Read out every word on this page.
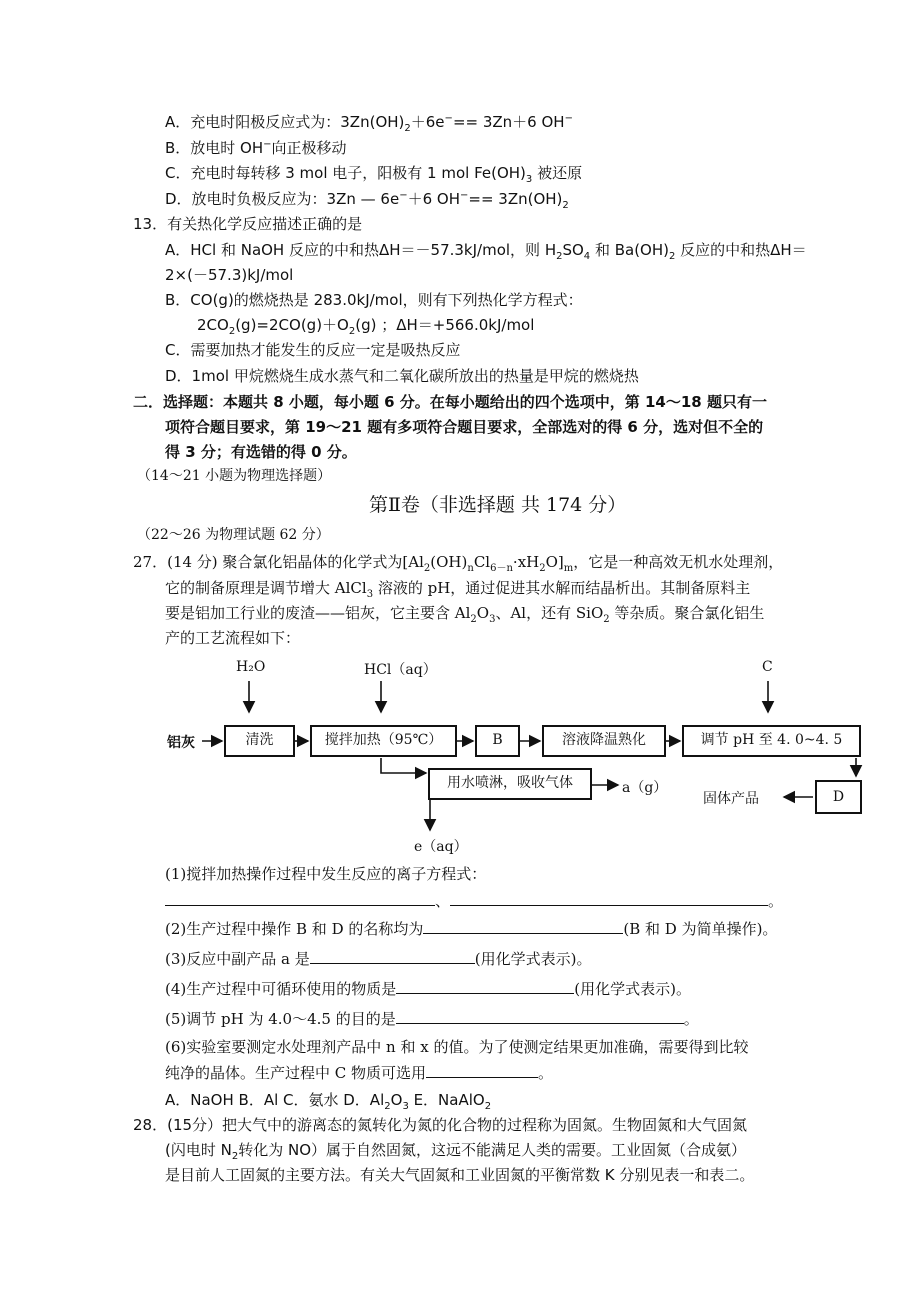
A．充电时阳极反应式为：$3Zn(OH)_2+6e^-== 3Zn+6$ OH−
B．放电时 OH−向正极移动
C．充电时每转移 3 mol 电子，阳极有 1 mol $Fe(OH)_3$ 被还原
D．放电时负极反应为：3Zn — 6e−＋6 $OH^-== 3Zn(OH)_2$
13．有关热化学反应描述正确的是
A．HCl 和 NaOH 反应的中和热ΔH＝－57.3kJ/mol，则 $H_2SO_4$ 和 $Ba(OH)_2$ 反应的中和热ΔH＝
2×(－57.3)kJ/mol
B．CO(g)的燃烧热是 283.0kJ/mol，则有下列热化学方程式：
$2CO_2(g)=2CO(g)+O_2(g)$ ；ΔH＝+566.0kJ/mol
C．需要加热才能发生的反应一定是吸热反应
D．1mol 甲烷燃烧生成水蒸气和二氧化碳所放出的热量是甲烷的燃烧热
二．选择题：本题共 8 小题，每小题 6 分。在每小题给出的四个选项中，第 14～18 题只有一
项符合题目要求，第 19～21 题有多项符合题目要求，全部选对的得 6 分，选对但不全的
得 3 分；有选错的得 0 分。
（14～21 小题为物理选择题）
第Ⅱ卷（非选择题 共 174 分）
（22～26 为物理试题 62 分）
27．(14 分) 聚合氯化铝晶体的化学式为$[Al_2(OH)_nCl_{6-n}\cdot xH_2O]_m$，它是一种高效无机水处理剂，
它的制备原理是调节增大 AlCl$_3$ 溶液的 pH，通过促进其水解而结晶析出。其制备原料主
要是铝加工行业的废渣——铝灰，它主要含 $Al_2O_3$、Al，还有 SiO$_2$ 等杂质。聚合氯化铝生
产的工艺流程如下：
H₂O	HCl（aq）	C
铝灰	清洗	搅拌加热（95℃）	B	溶液降温熟化	调节 pH 至 4. 0~4. 5
用水喷淋，吸收气体	a（g）
D
固体产品
e（aq）
(1)搅拌加热操作过程中发生反应的离子方程式：
、	。
(2)生产过程中操作 B 和 D 的名称均为	(B 和 D 为简单操作)。
(3)反应中副产品 a 是	(用化学式表示)。
(4)生产过程中可循环使用的物质是	(用化学式表示)。
(5)调节 pH 为 4.0～4.5 的目的是	。
(6)实验室要测定水处理剂产品中 n 和 x 的值。为了使测定结果更加准确，需要得到比较
纯净的晶体。生产过程中 C 物质可选用	。
A．NaOH B．Al C．氨水 D．$Al_2O_3$ E．NaAlO$_2$
28．(15分）把大气中的游离态的氮转化为氮的化合物的过程称为固氮。生物固氮和大气固氮
(闪电时 $N_2$转化为 NO）属于自然固氮，这远不能满足人类的需要。工业固氮（合成氨）
是目前人工固氮的主要方法。有关大气固氮和工业固氮的平衡常数 K 分别见表一和表二。
